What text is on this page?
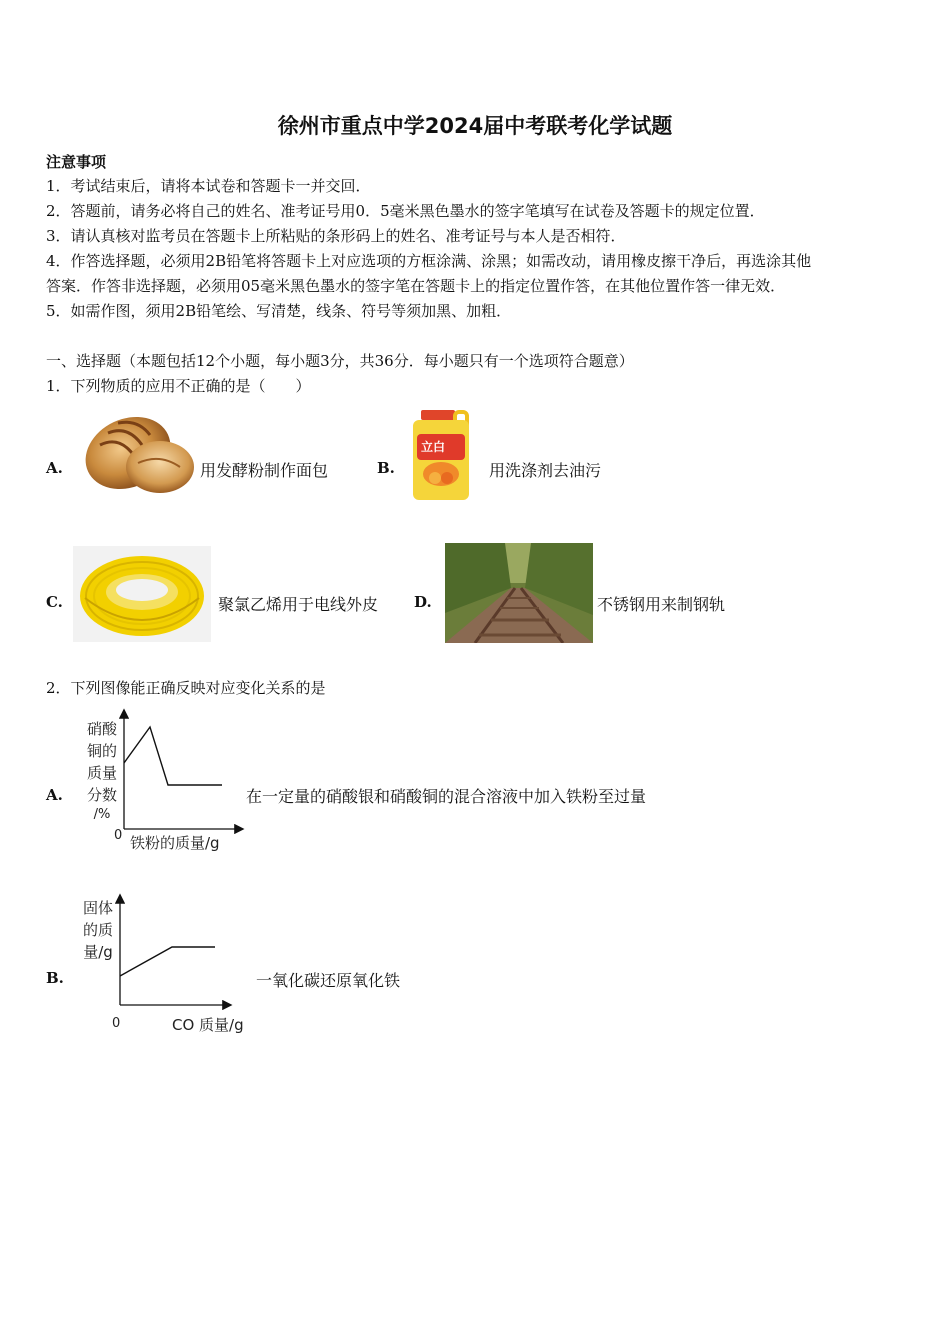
徐州市重点中学2024届中考联考化学试题
注意事项
1．考试结束后，请将本试卷和答题卡一并交回．
2．答题前，请务必将自己的姓名、准考证号用0．5毫米黑色墨水的签字笔填写在试卷及答题卡的规定位置．
3．请认真核对监考员在答题卡上所粘贴的条形码上的姓名、准考证号与本人是否相符．
4．作答选择题，必须用2B铅笔将答题卡上对应选项的方框涂满、涂黑；如需改动，请用橡皮擦干净后，再选涂其他
答案．作答非选择题，必须用05毫米黑色墨水的签字笔在答题卡上的指定位置作答，在其他位置作答一律无效．
5．如需作图，须用2B铅笔绘、写清楚，线条、符号等须加黑、加粗．
一、选择题（本题包括12个小题，每小题3分，共36分．每小题只有一个选项符合题意）
1．下列物质的应用不正确的是（　　）
A.	用发酵粉制作面包	B.
立白
用洗涤剂去油污
C.	聚氯乙烯用于电线外皮 D.	不锈钢用来制钢轨
2．下列图像能正确反映对应变化关系的是
A.
硝酸
铜的
质量
分数
/%
0 铁粉的质量/g
在一定量的硝酸银和硝酸铜的混合溶液中加入铁粉至过量
B.
固体
的质
量/g
0	CO 质量/g
一氧化碳还原氧化铁
